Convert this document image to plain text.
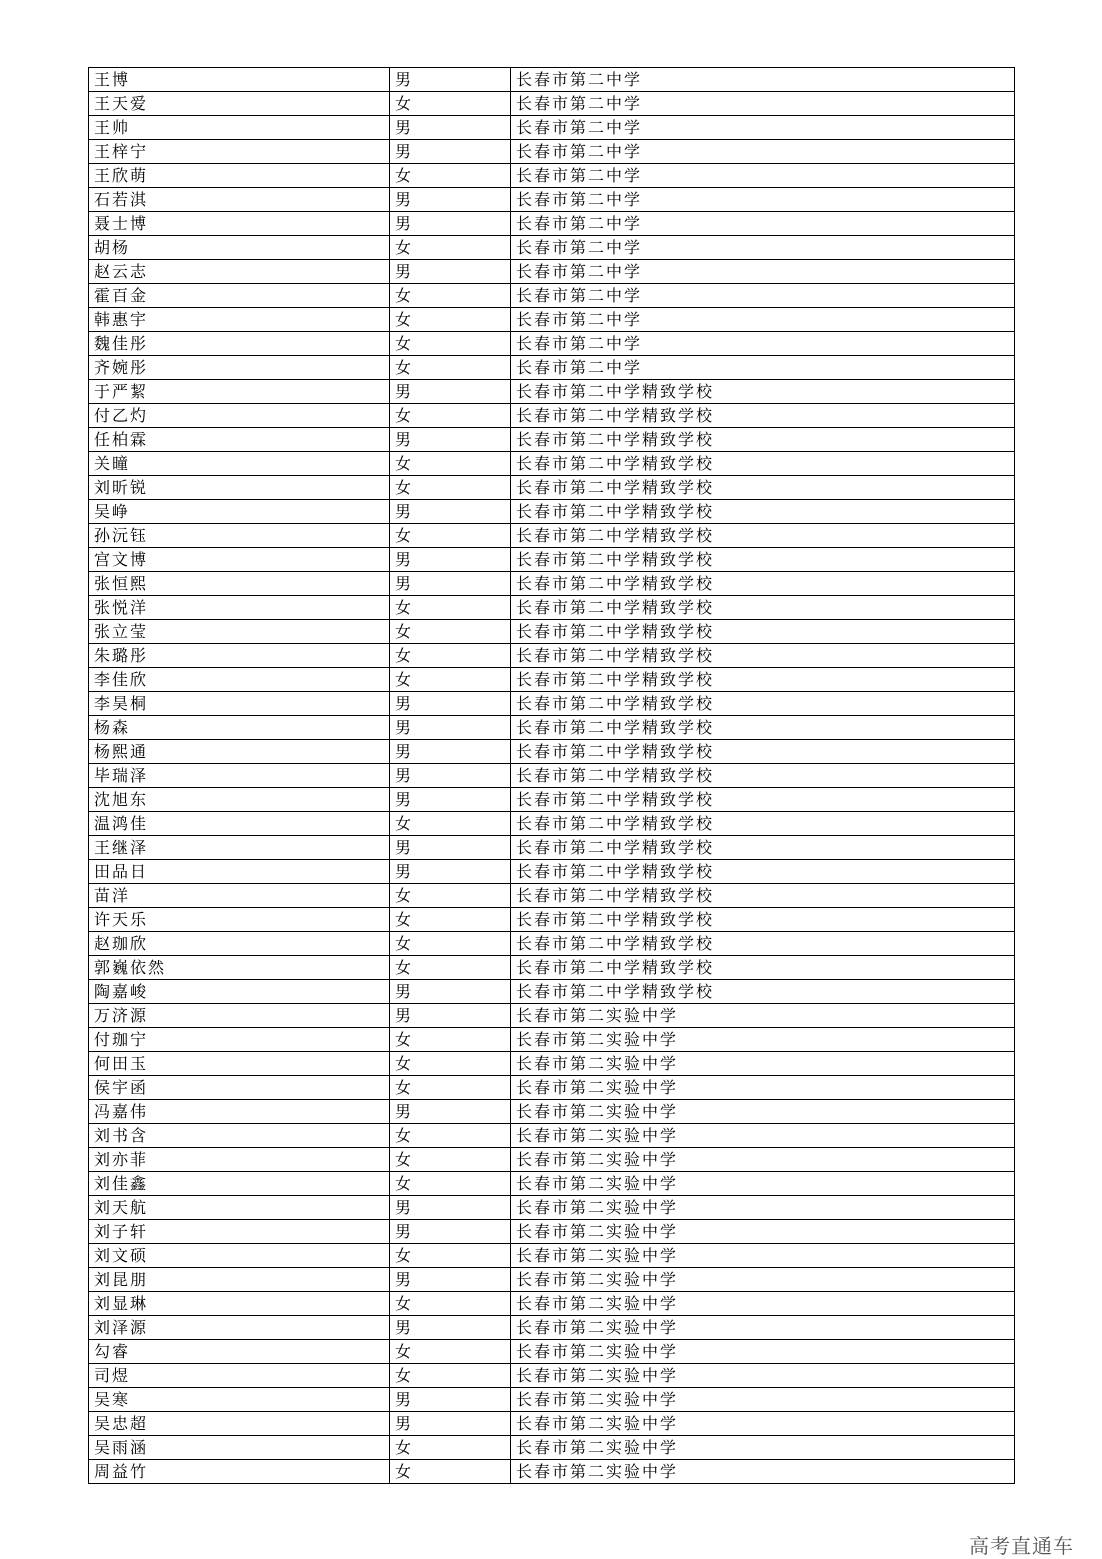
王博	男	长春市第二中学
王天爱	女	长春市第二中学
王帅	男	长春市第二中学
王梓宁	男	长春市第二中学
王欣萌	女	长春市第二中学
石若淇	男	长春市第二中学
聂士博	男	长春市第二中学
胡杨	女	长春市第二中学
赵云志	男	长春市第二中学
霍百金	女	长春市第二中学
韩惠宇	女	长春市第二中学
魏佳彤	女	长春市第二中学
齐婉彤	女	长春市第二中学
于严絜	男	长春市第二中学精致学校
付乙灼	女	长春市第二中学精致学校
任柏霖	男	长春市第二中学精致学校
关曈	女	长春市第二中学精致学校
刘昕锐	女	长春市第二中学精致学校
吴峥	男	长春市第二中学精致学校
孙沅钰	女	长春市第二中学精致学校
宫文博	男	长春市第二中学精致学校
张恒熙	男	长春市第二中学精致学校
张悦洋	女	长春市第二中学精致学校
张立莹	女	长春市第二中学精致学校
朱璐彤	女	长春市第二中学精致学校
李佳欣	女	长春市第二中学精致学校
李昊桐	男	长春市第二中学精致学校
杨森	男	长春市第二中学精致学校
杨熙通	男	长春市第二中学精致学校
毕瑞泽	男	长春市第二中学精致学校
沈旭东	男	长春市第二中学精致学校
温鸿佳	女	长春市第二中学精致学校
王继泽	男	长春市第二中学精致学校
田品日	男	长春市第二中学精致学校
苗洋	女	长春市第二中学精致学校
许天乐	女	长春市第二中学精致学校
赵珈欣	女	长春市第二中学精致学校
郭巍依然	女	长春市第二中学精致学校
陶嘉峻	男	长春市第二中学精致学校
万济源	男	长春市第二实验中学
付珈宁	女	长春市第二实验中学
何田玉	女	长春市第二实验中学
侯宇函	女	长春市第二实验中学
冯嘉伟	男	长春市第二实验中学
刘书含	女	长春市第二实验中学
刘亦菲	女	长春市第二实验中学
刘佳鑫	女	长春市第二实验中学
刘天航	男	长春市第二实验中学
刘子轩	男	长春市第二实验中学
刘文硕	女	长春市第二实验中学
刘昆朋	男	长春市第二实验中学
刘显琳	女	长春市第二实验中学
刘泽源	男	长春市第二实验中学
勾睿	女	长春市第二实验中学
司煜	女	长春市第二实验中学
吴寒	男	长春市第二实验中学
吴忠超	男	长春市第二实验中学
吴雨涵	女	长春市第二实验中学
周益竹	女	长春市第二实验中学
高考直通车
